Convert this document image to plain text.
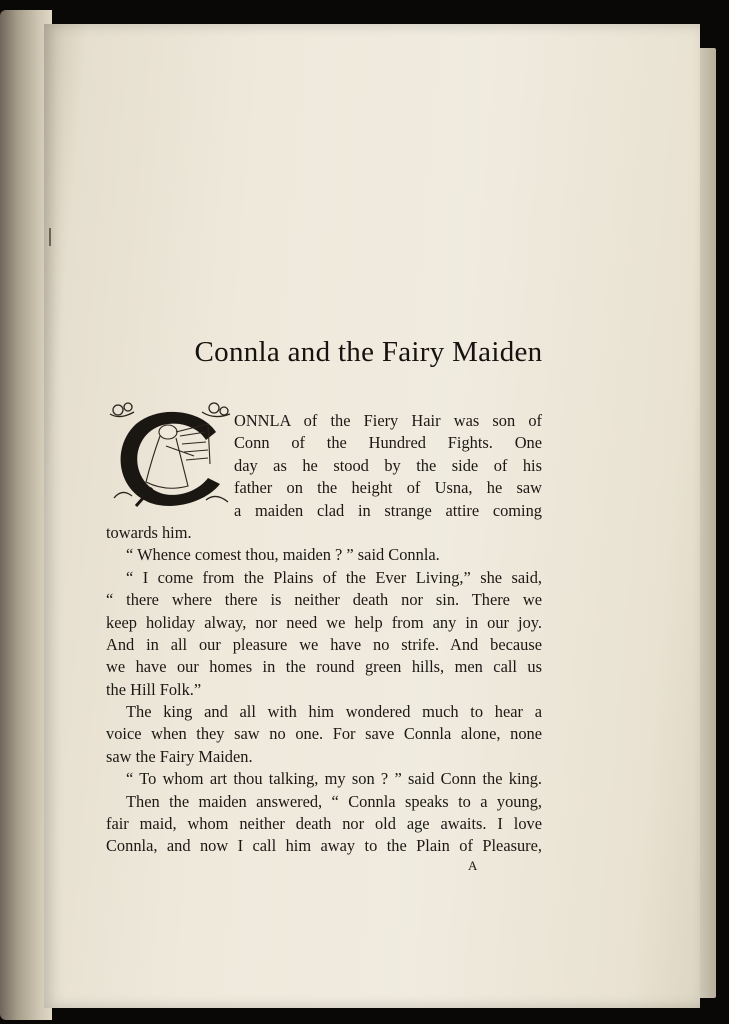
Connla and the Fairy Maiden
ONNLA of the Fiery Hair was son of
Conn of the Hundred Fights. One
day as he stood by the side of his
father on the height of Usna, he saw
a maiden clad in strange attire coming
towards him.
“ Whence comest thou, maiden ? ” said Connla.
“ I come from the Plains of the Ever Living,” she said,
“ there where there is neither death nor sin. There we
keep holiday alway, nor need we help from any in our joy.
And in all our pleasure we have no strife. And because
we have our homes in the round green hills, men call us
the Hill Folk.”
The king and all with him wondered much to hear a
voice when they saw no one. For save Connla alone, none
saw the Fairy Maiden.
“ To whom art thou talking, my son ? ” said Conn the king.
Then the maiden answered, “ Connla speaks to a young,
fair maid, whom neither death nor old age awaits. I love
Connla, and now I call him away to the Plain of Pleasure,
A
